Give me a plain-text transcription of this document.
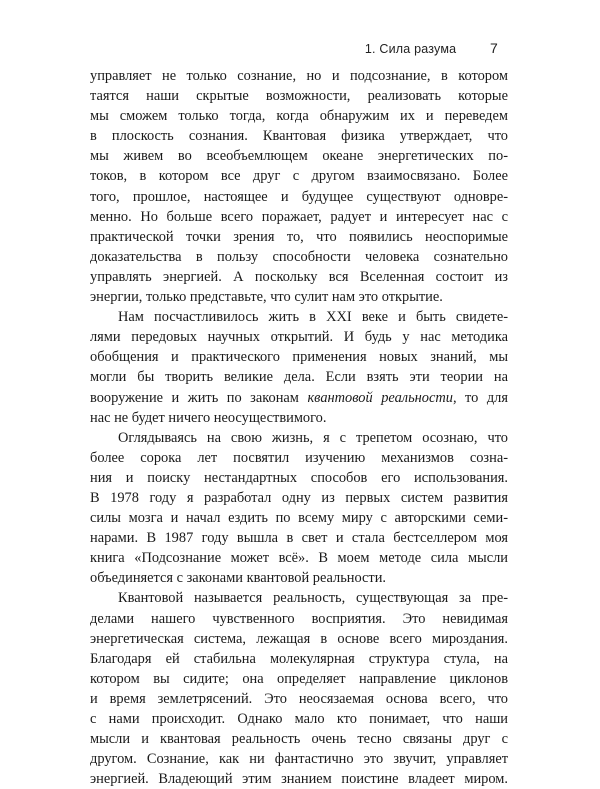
1. Сила разума 7

управляет не только сознание, но и подсознание, в котором
таятся наши скрытые возможности, реализовать которые
мы сможем только тогда, когда обнаружим их и переведем
в плоскость сознания. Квантовая физика утверждает, что
мы живем во всеобъемлющем океане энергетических по-
токов, в котором все друг с другом взаимосвязано. Более
того, прошлое, настоящее и будущее существуют одновре-
менно. Но больше всего поражает, радует и интересует нас с
практической точки зрения то, что появились неоспоримые
доказательства в пользу способности человека сознательно
управлять энергией. А поскольку вся Вселенная состоит из
энергии, только представьте, что сулит нам это открытие.

Нам посчастливилось жить в XXI веке и быть свидете-
лями передовых научных открытий. И будь у нас методика
обобщения и практического применения новых знаний, мы
могли бы творить великие дела. Если взять эти теории на
вооружение и жить по законам квантовой реальности, то для
нас не будет ничего неосуществимого.

Оглядываясь на свою жизнь, я с трепетом осознаю, что
более сорока лет посвятил изучению механизмов созна-
ния и поиску нестандартных способов его использования.
В 1978 году я разработал одну из первых систем развития
силы мозга и начал ездить по всему миру с авторскими семи-
нарами. В 1987 году вышла в свет и стала бестселлером моя
книга «Подсознание может всё». В моем методе сила мысли
объединяется с законами квантовой реальности.

Квантовой называется реальность, существующая за пре-
делами нашего чувственного восприятия. Это невидимая
энергетическая система, лежащая в основе всего мироздания.
Благодаря ей стабильна молекулярная структура стула, на
котором вы сидите; она определяет направление циклонов
и время землетрясений. Это неосязаемая основа всего, что
с нами происходит. Однако мало кто понимает, что наши
мысли и квантовая реальность очень тесно связаны друг с
другом. Сознание, как ни фантастично это звучит, управляет
энергией. Владеющий этим знанием поистине владеет миром.
